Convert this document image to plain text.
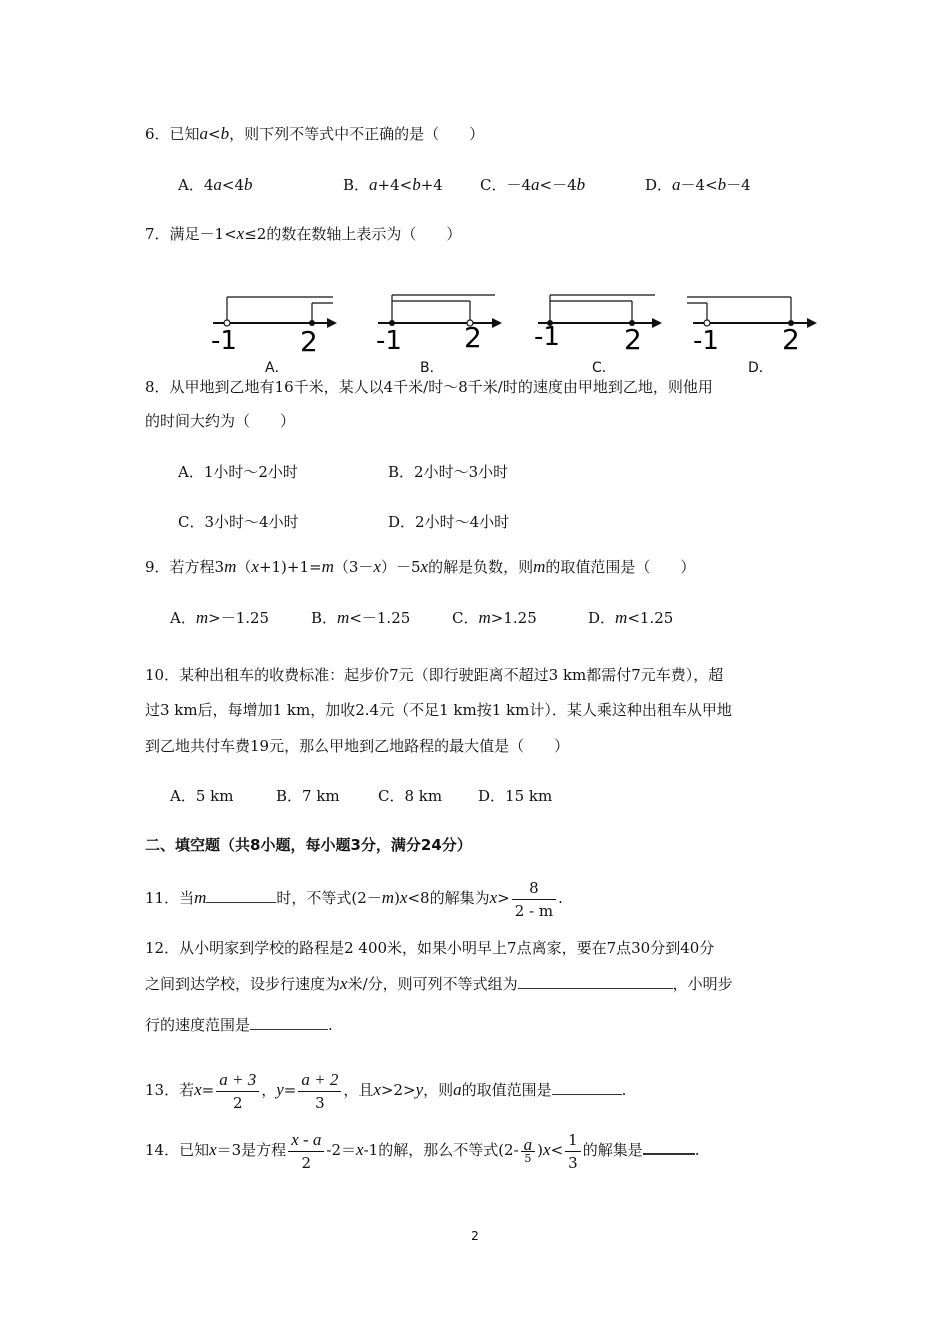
6．已知a<b，则下列不等式中不正确的是（　　）
A．4a<4b	B．a+4<b+4 C．－4a<－4b	D．a－4<b－4
7．满足－1<x≤2的数在数轴上表示为（　　）
-1 2
A．
-1 2
B．
-1 2
C．
-1 2
D．
8．从甲地到乙地有16千米，某人以4千米/时～8千米/时的速度由甲地到乙地，则他用
的时间大约为（　　）
A．1小时～2小时	B．2小时～3小时
C．3小时～4小时	D．2小时～4小时
9．若方程3m（x+1)+1=m（3－x）－5x的解是负数，则m的取值范围是（　　）
A．m>－1.25	B．m<－1.25	C．m>1.25	D．m<1.25
10．某种出租车的收费标准：起步价7元（即行驶距离不超过3 km都需付7元车费），超
过3 km后，每增加1 km，加收2.4元（不足1 km按1 km计）．某人乘这种出租车从甲地
到乙地共付车费19元，那么甲地到乙地路程的最大值是（　　）
A．5 km	B．7 km	C．8 km D．15 km
二、填空题（共8小题，每小题3分，满分24分）
11．当m	时，不等式(2－m)x<8的解集为$x> \frac{8}{2 - m}$ .
12．从小明家到学校的路程是2 400米，如果小明早上7点离家，要在7点30分到40分
之间到达学校，设步行速度为x米/分，则可列不等式组为	，小明步
行的速度范围是	.
13．若$x= \frac{a + 3}{2}$ ，$y= \frac{a + 2}{3}$ ，且x>2>y，则a的取值范围是	.
14．已知x＝3是方程 $\frac{x - a}{2} -2=x-1$的解，那么不等式$(2- \frac{a}{5} )x< \frac{1}{3}$ 的解集是	.
2
